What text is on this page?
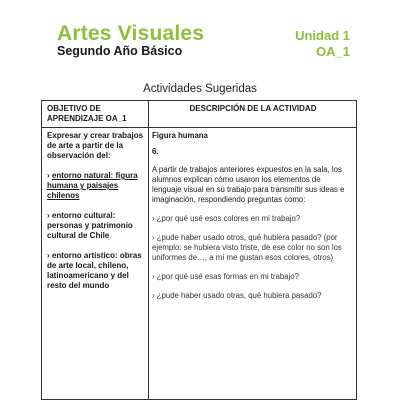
Artes Visuales
Segundo Año Básico
Unidad 1
OA_1
Actividades Sugeridas
OBJETIVO DE APRENDIZAJE OA_1
DESCRIPCIÓN DE LA ACTIVIDAD

Expresar y crear trabajos de arte a partir de la observación del:

› entorno natural: figura humana y paisajes chilenos

› entorno cultural: personas y patrimonio cultural de Chile

› entorno artístico: obras de arte local, chileno, latinoamericano y del resto del mundo

Figura humana

6.

A partir de trabajos anteriores expuestos en la sala, los alumnos explican cómo usaron los elementos de lenguaje visual en su trabajo para transmitir sus ideas e imaginación, respondiendo preguntas como:

› ¿por qué usé esos colores en mi trabajo?

› ¿pude haber usado otros, qué hubiera pasado? (por ejemplo: se hubiera visto triste, de ese color no son los uniformes de…, a mí me gustan esos colores, otros)

› ¿por qué usé esas formas en mi trabajo?

› ¿pude haber usado otras, qué hubiera pasado?
